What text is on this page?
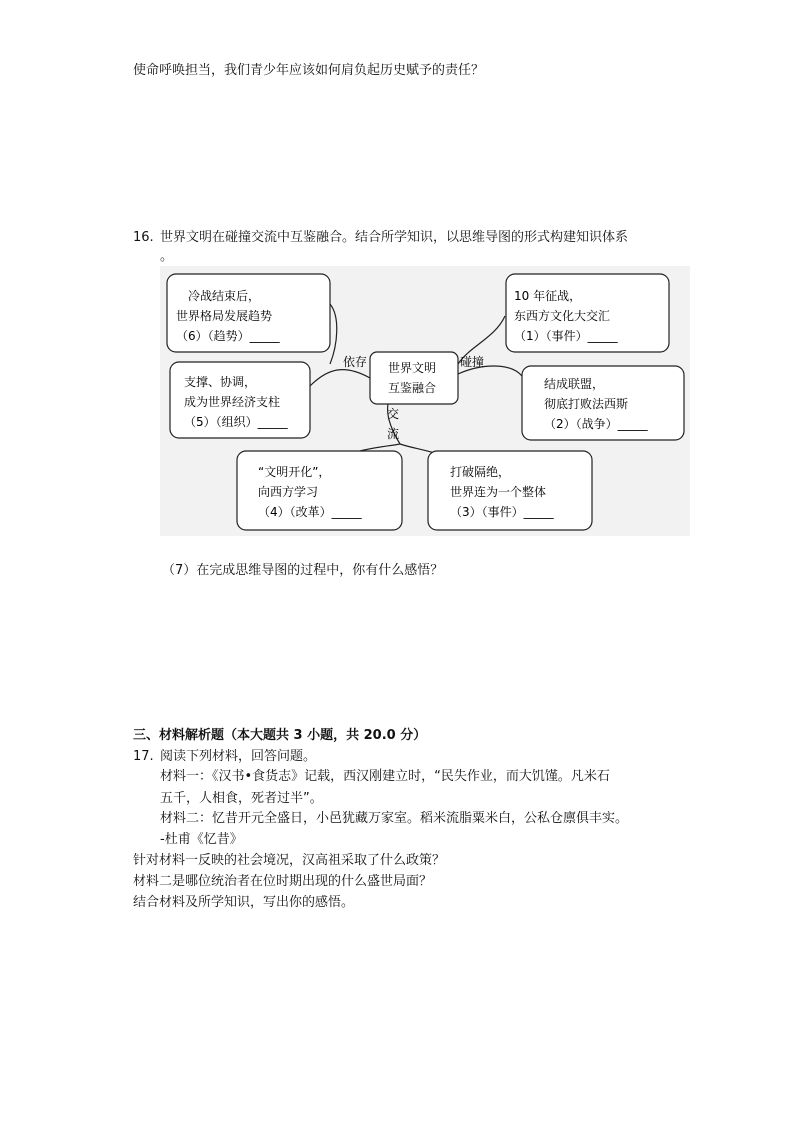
使命呼唤担当，我们青少年应该如何肩负起历史赋予的责任？
16. 世界文明在碰撞交流中互鉴融合。结合所学知识，以思维导图的形式构建知识体系
。
世界文明
互鉴融合
依存	碰撞
交
流
冷战结束后，
世界格局发展趋势
（6）（趋势）_____
10 年征战，
东西方文化大交汇
（1）（事件）_____
支撑、协调，
成为世界经济支柱
（5）（组织）_____
结成联盟，
彻底打败法西斯
（2）（战争）_____
“文明开化”，
向西方学习
（4）（改革）_____
打破隔绝，
世界连为一个整体
（3）（事件）_____
（7）在完成思维导图的过程中，你有什么感悟？
三、材料解析题（本大题共 3 小题，共 20.0 分）
17. 阅读下列材料，回答问题。
材料一：《汉书•食货志》记载，西汉刚建立时，“民失作业，而大饥馑。凡米石
五千，人相食，死者过半”。
材料二：忆昔开元全盛日，小邑犹藏万家室。稻米流脂粟米白，公私仓廪俱丰实。
-杜甫《忆昔》
针对材料一反映的社会境况，汉高祖采取了什么政策？
材料二是哪位统治者在位时期出现的什么盛世局面？
结合材料及所学知识，写出你的感悟。
